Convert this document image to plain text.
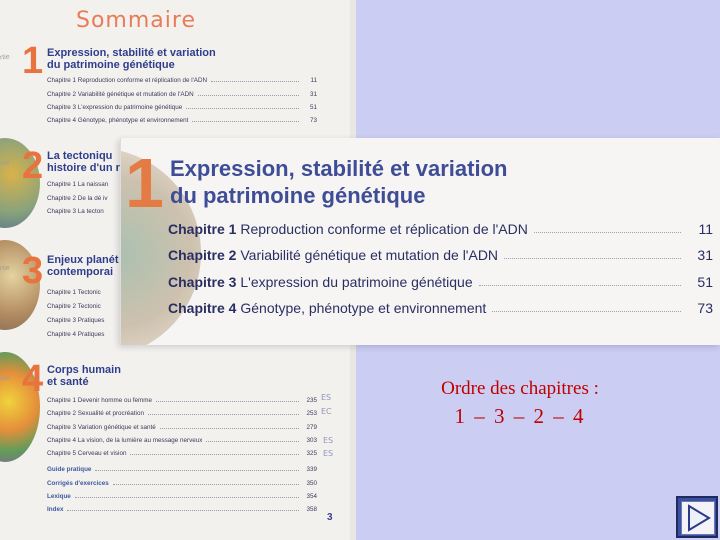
Sommaire
rtie 1 Expression, stabilité et variation
du patrimoine génétique
Chapitre 1 Reproduction conforme et réplication de l'ADN	11
Chapitre 2 Variabilité génétique et mutation de l'ADN	31
Chapitre 3 L'expression du patrimoine génétique	51
Chapitre 4 Génotype, phénotype et environnement	73
rtie 2 La tectoniqu
histoire d'un r
Chapitre 1 La naissan
Chapitre 2 De la dé iv
Chapitre 3 La tecton
rtie 3 Enjeux planét
contemporai
Chapitre 1 Tectonic
Chapitre 2 Tectonic
Chapitre 3 Pratiques
Chapitre 4 Pratiques
rtie 4 Corps humain
et santé
Chapitre 1 Devenir homme ou femme	235
Chapitre 2 Sexualité et procréation	253
Chapitre 3 Variation génétique et santé	279
Chapitre 4 La vision, de la lumière au message nerveux	303
Chapitre 5 Cerveau et vision	325
Guide pratique	339
Corrigés d'exercices	350
Lexique	354
Index	358
ES
EC
ES
ES
3
1 Expression, stabilité et variation
du patrimoine génétique
Chapitre 1 Reproduction conforme et réplication de l'ADN	11
Chapitre 2 Variabilité génétique et mutation de l'ADN	31
Chapitre 3 L'expression du patrimoine génétique	51
Chapitre 4 Génotype, phénotype et environnement	73
Ordre des chapitres :
1 – 3 – 2 – 4
